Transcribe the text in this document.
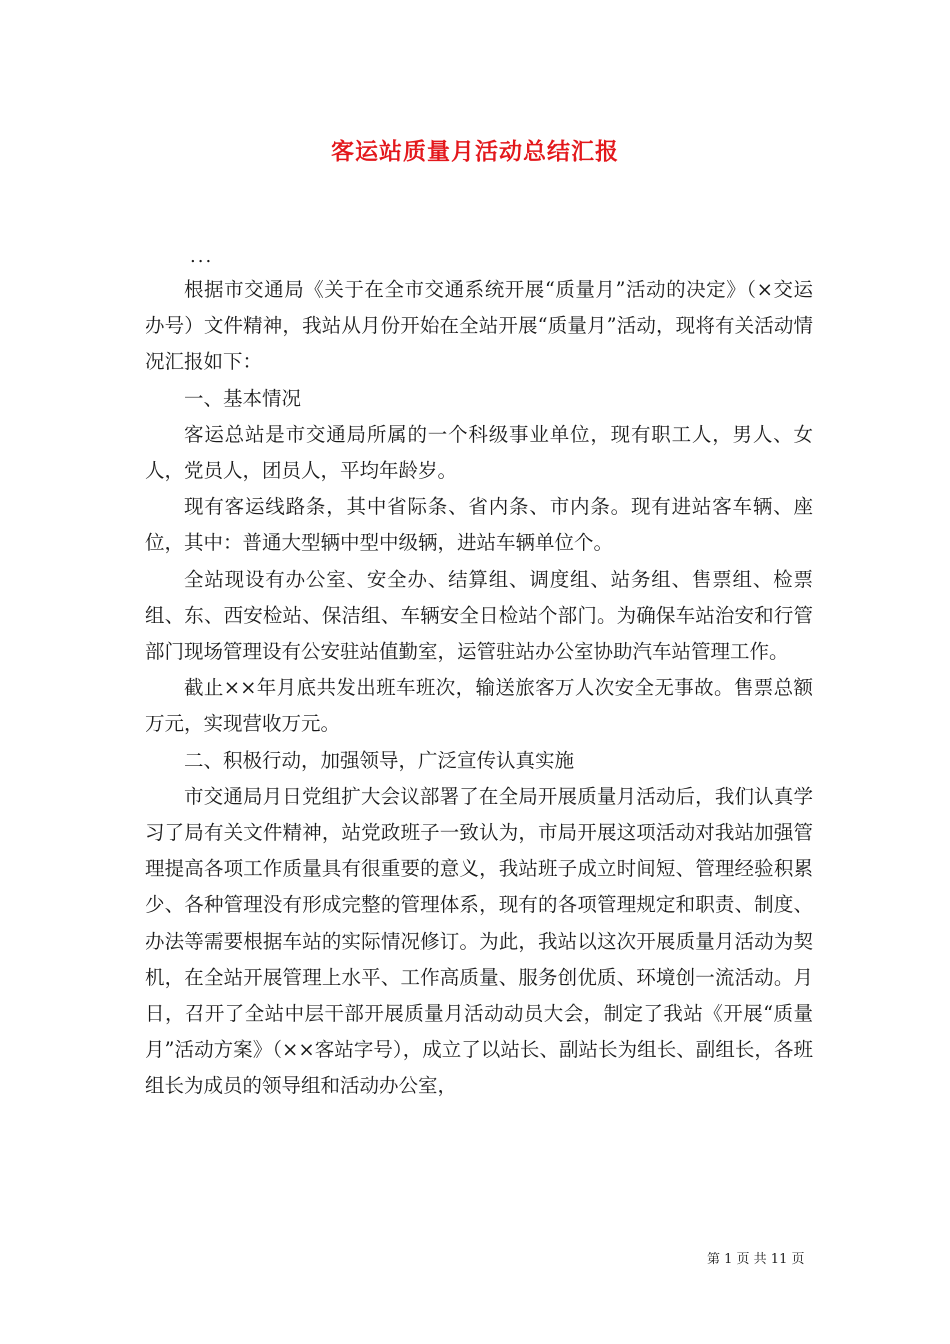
客运站质量月活动总结汇报
...

根据市交通局《关于在全市交通系统开展“质量月”活动的决定》（×交运办号）文件精神，我站从月份开始在全站开展“质量月”活动，现将有关活动情况汇报如下：

一、基本情况

客运总站是市交通局所属的一个科级事业单位，现有职工人，男人、女人，党员人，团员人，平均年龄岁。

现有客运线路条，其中省际条、省内条、市内条。现有进站客车辆、座位，其中：普通大型辆中型中级辆，进站车辆单位个。

全站现设有办公室、安全办、结算组、调度组、站务组、售票组、检票组、东、西安检站、保洁组、车辆安全日检站个部门。为确保车站治安和行管部门现场管理设有公安驻站值勤室，运管驻站办公室协助汽车站管理工作。

截止××年月底共发出班车班次，输送旅客万人次安全无事故。售票总额万元，实现营收万元。

二、积极行动，加强领导，广泛宣传认真实施

市交通局月日党组扩大会议部署了在全局开展质量月活动后，我们认真学习了局有关文件精神，站党政班子一致认为，市局开展这项活动对我站加强管理提高各项工作质量具有很重要的意义，我站班子成立时间短、管理经验积累少、各种管理没有形成完整的管理体系，现有的各项管理规定和职责、制度、办法等需要根据车站的实际情况修订。为此，我站以这次开展质量月活动为契机，在全站开展管理上水平、工作高质量、服务创优质、环境创一流活动。月日，召开了全站中层干部开展质量月活动动员大会，制定了我站《开展“质量月”活动方案》（××客站字号），成立了以站长、副站长为组长、副组长，各班组长为成员的领导组和活动办公室，

第 1 页 共 11 页
